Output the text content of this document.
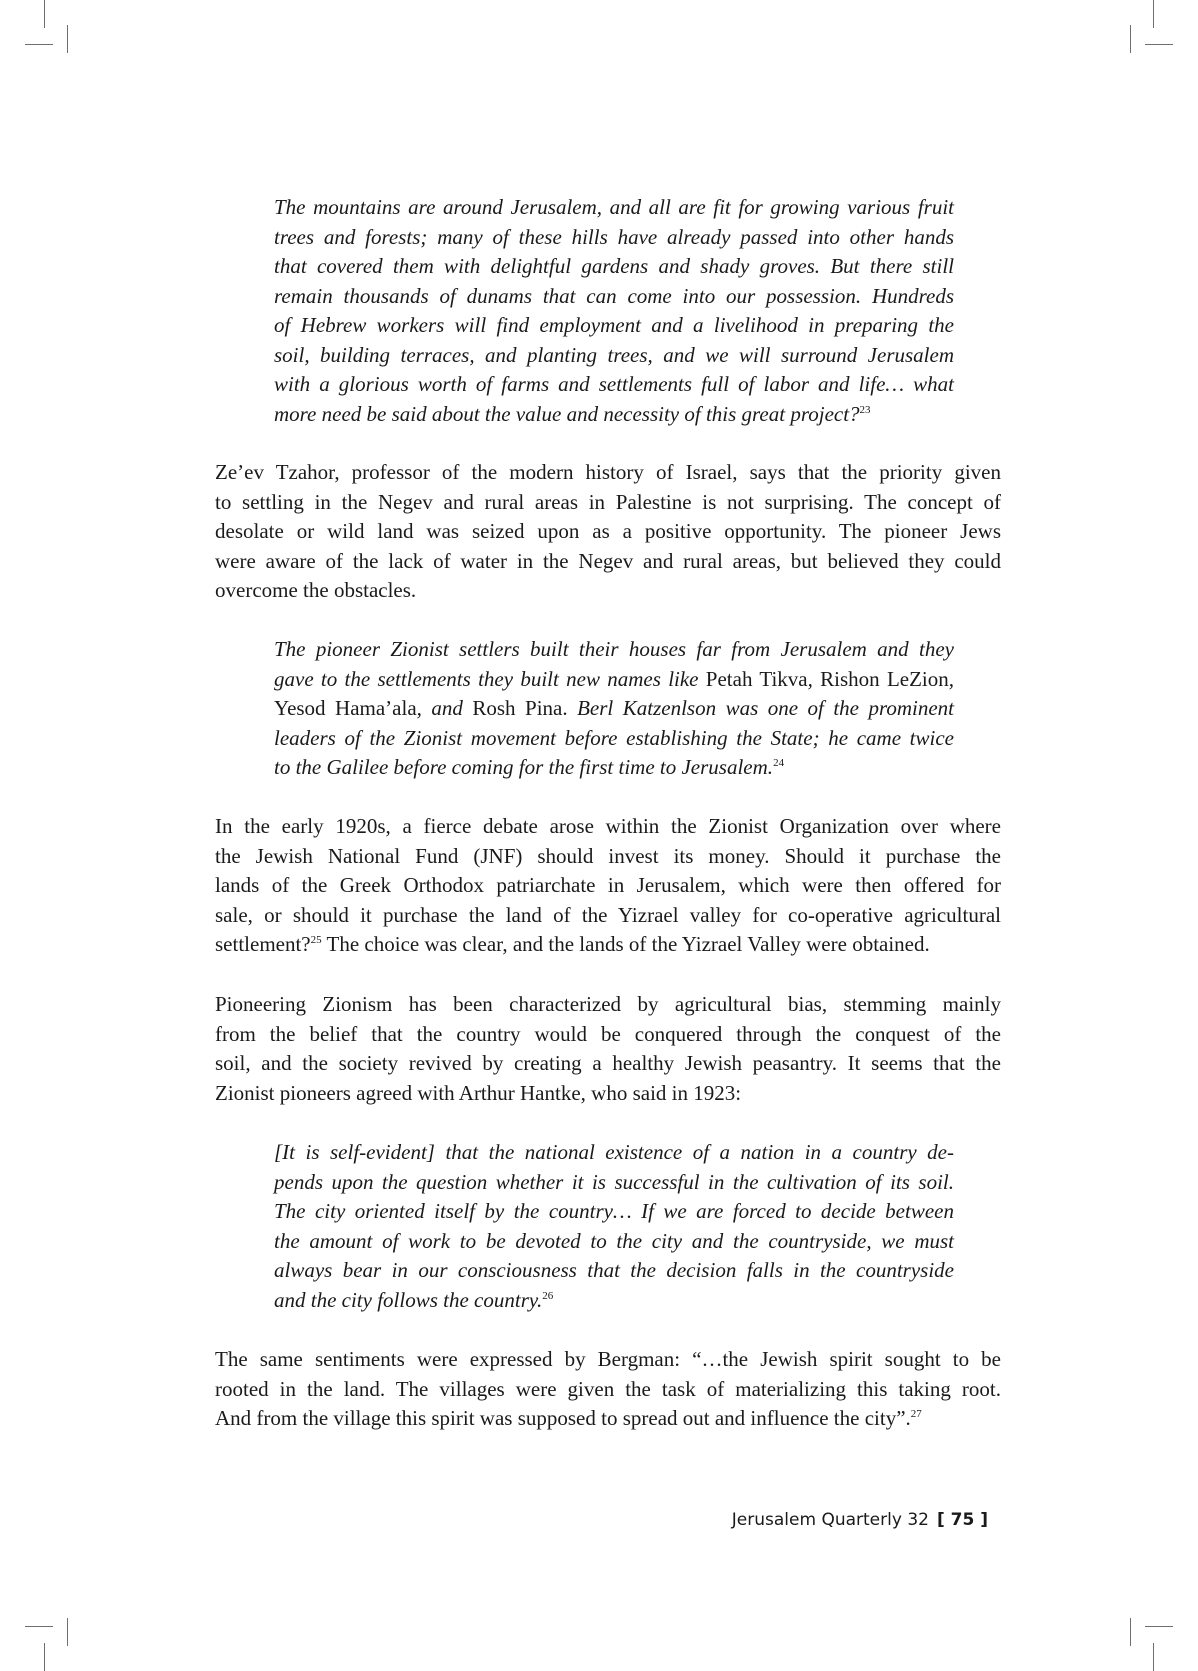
The mountains are around Jerusalem, and all are fit for growing various fruit
trees and forests; many of these hills have already passed into other hands
that covered them with delightful gardens and shady groves. But there still
remain thousands of dunams that can come into our possession. Hundreds
of Hebrew workers will find employment and a livelihood in preparing the
soil, building terraces, and planting trees, and we will surround Jerusalem
with a glorious worth of farms and settlements full of labor and life… what
more need be said about the value and necessity of this great project?$^{23}$
Ze’ev Tzahor, professor of the modern history of Israel, says that the priority given
to settling in the Negev and rural areas in Palestine is not surprising. The concept of
desolate or wild land was seized upon as a positive opportunity. The pioneer Jews
were aware of the lack of water in the Negev and rural areas, but believed they could
overcome the obstacles.
The pioneer Zionist settlers built their houses far from Jerusalem and they
gave to the settlements they built new names like Petah Tikva, Rishon LeZion,
Yesod Hama’ala, and Rosh Pina. Berl Katzenlson was one of the prominent
leaders of the Zionist movement before establishing the State; he came twice
to the Galilee before coming for the first time to Jerusalem.$^{24}$
In the early 1920s, a fierce debate arose within the Zionist Organization over where
the Jewish National Fund (JNF) should invest its money. Should it purchase the
lands of the Greek Orthodox patriarchate in Jerusalem, which were then offered for
sale, or should it purchase the land of the Yizrael valley for co-operative agricultural
settlement?$^{25}$ The choice was clear, and the lands of the Yizrael Valley were obtained.
Pioneering Zionism has been characterized by agricultural bias, stemming mainly
from the belief that the country would be conquered through the conquest of the
soil, and the society revived by creating a healthy Jewish peasantry. It seems that the
Zionist pioneers agreed with Arthur Hantke, who said in 1923:
[It is self-evident] that the national existence of a nation in a country de-
pends upon the question whether it is successful in the cultivation of its soil.
The city oriented itself by the country… If we are forced to decide between
the amount of work to be devoted to the city and the countryside, we must
always bear in our consciousness that the decision falls in the countryside
and the city follows the country.$^{26}$
The same sentiments were expressed by Bergman: “…the Jewish spirit sought to be
rooted in the land. The villages were given the task of materializing this taking root.
And from the village this spirit was supposed to spread out and influence the city”.$^{27}$
Jerusalem Quarterly 32 [ 75 ]
